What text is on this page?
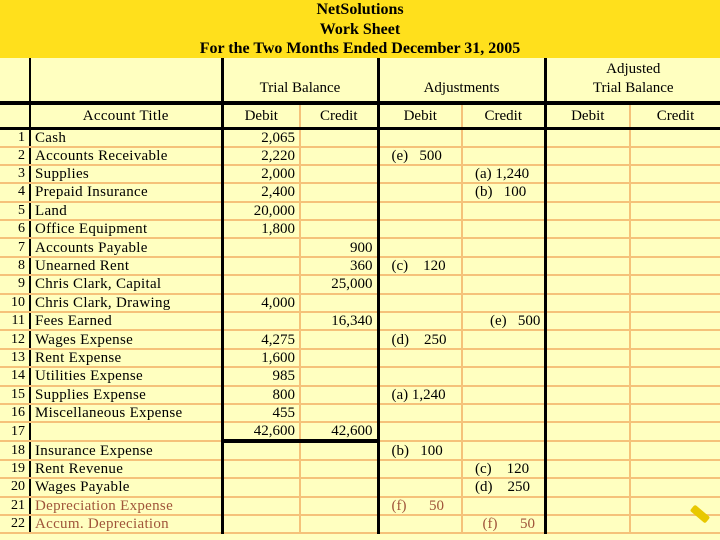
NetSolutions
Work Sheet
For the Two Months Ended December 31, 2005
		Trial Balance		Adjustments		Adjusted
Trial Balance	
	Account Title	Debit	Credit	Debit	Credit	Debit	Credit
1	Cash	2,065					
2	Accounts Receivable	2,220		(e)   500			
3	Supplies	2,000			(a) 1,240		
4	Prepaid Insurance	2,400			(b)   100		
5	Land	20,000					
6	Office Equipment	1,800					
7	Accounts Payable		900				
8	Unearned Rent		360	(c)    120			
9	Chris Clark, Capital		25,000				
10	Chris Clark, Drawing	4,000					
11	Fees Earned		16,340		(e)   500		
12	Wages Expense	4,275		(d)    250			
13	Rent Expense	1,600					
14	Utilities Expense	985					
15	Supplies Expense	800		(a) 1,240			
16	Miscellaneous Expense	455					
17		42,600	42,600				
18	Insurance Expense			(b)   100			
19	Rent Revenue				(c)    120		
20	Wages Payable				(d)    250		
21	Depreciation Expense			(f)      50			
22	Accum. Depreciation				(f)      50		
